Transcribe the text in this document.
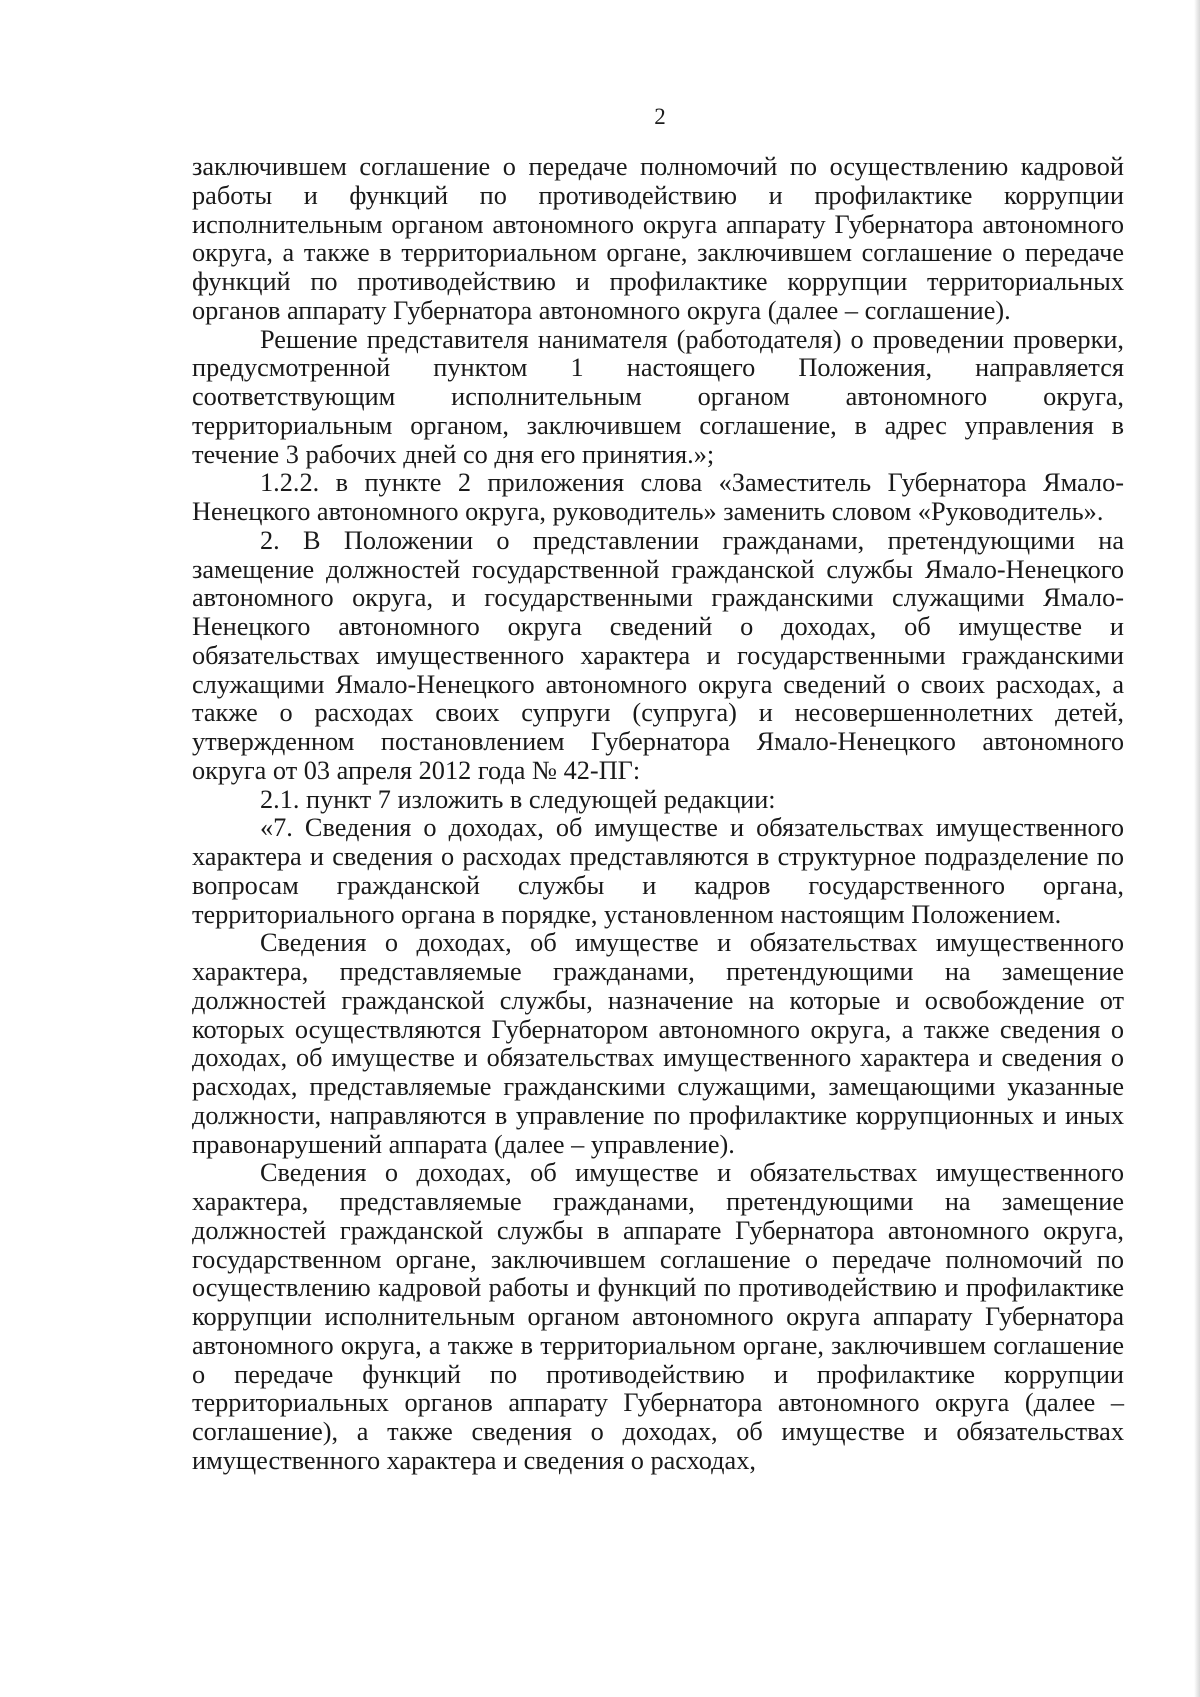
2

заключившем соглашение о передаче полномочий по осуществлению кадровой работы и функций по противодействию и профилактике коррупции исполнительным органом автономного округа аппарату Губернатора автономного округа, а также в территориальном органе, заключившем соглашение о передаче функций по противодействию и профилактике коррупции территориальных органов аппарату Губернатора автономного округа (далее – соглашение).

Решение представителя нанимателя (работодателя) о проведении проверки, предусмотренной пунктом 1 настоящего Положения, направляется соответствующим исполнительным органом автономного округа, территориальным органом, заключившем соглашение, в адрес управления в течение 3 рабочих дней со дня его принятия.»;

1.2.2. в пункте 2 приложения слова «Заместитель Губернатора Ямало-Ненецкого автономного округа, руководитель» заменить словом «Руководитель».

2. В Положении о представлении гражданами, претендующими на замещение должностей государственной гражданской службы Ямало-Ненецкого автономного округа, и государственными гражданскими служащими Ямало-Ненецкого автономного округа сведений о доходах, об имуществе и обязательствах имущественного характера и государственными гражданскими служащими Ямало-Ненецкого автономного округа сведений о своих расходах, а также о расходах своих супруги (супруга) и несовершеннолетних детей, утвержденном постановлением Губернатора Ямало-Ненецкого автономного округа от 03 апреля 2012 года № 42-ПГ:

2.1. пункт 7 изложить в следующей редакции:

«7. Сведения о доходах, об имуществе и обязательствах имущественного характера и сведения о расходах представляются в структурное подразделение по вопросам гражданской службы и кадров государственного органа, территориального органа в порядке, установленном настоящим Положением.

Сведения о доходах, об имуществе и обязательствах имущественного характера, представляемые гражданами, претендующими на замещение должностей гражданской службы, назначение на которые и освобождение от которых осуществляются Губернатором автономного округа, а также сведения о доходах, об имуществе и обязательствах имущественного характера и сведения о расходах, представляемые гражданскими служащими, замещающими указанные должности, направляются в управление по профилактике коррупционных и иных правонарушений аппарата (далее – управление).

Сведения о доходах, об имуществе и обязательствах имущественного характера, представляемые гражданами, претендующими на замещение должностей гражданской службы в аппарате Губернатора автономного округа, государственном органе, заключившем соглашение о передаче полномочий по осуществлению кадровой работы и функций по противодействию и профилактике коррупции исполнительным органом автономного округа аппарату Губернатора автономного округа, а также в территориальном органе, заключившем соглашение о передаче функций по противодействию и профилактике коррупции территориальных органов аппарату Губернатора автономного округа (далее – соглашение), а также сведения о доходах, об имуществе и обязательствах имущественного характера и сведения о расходах,
